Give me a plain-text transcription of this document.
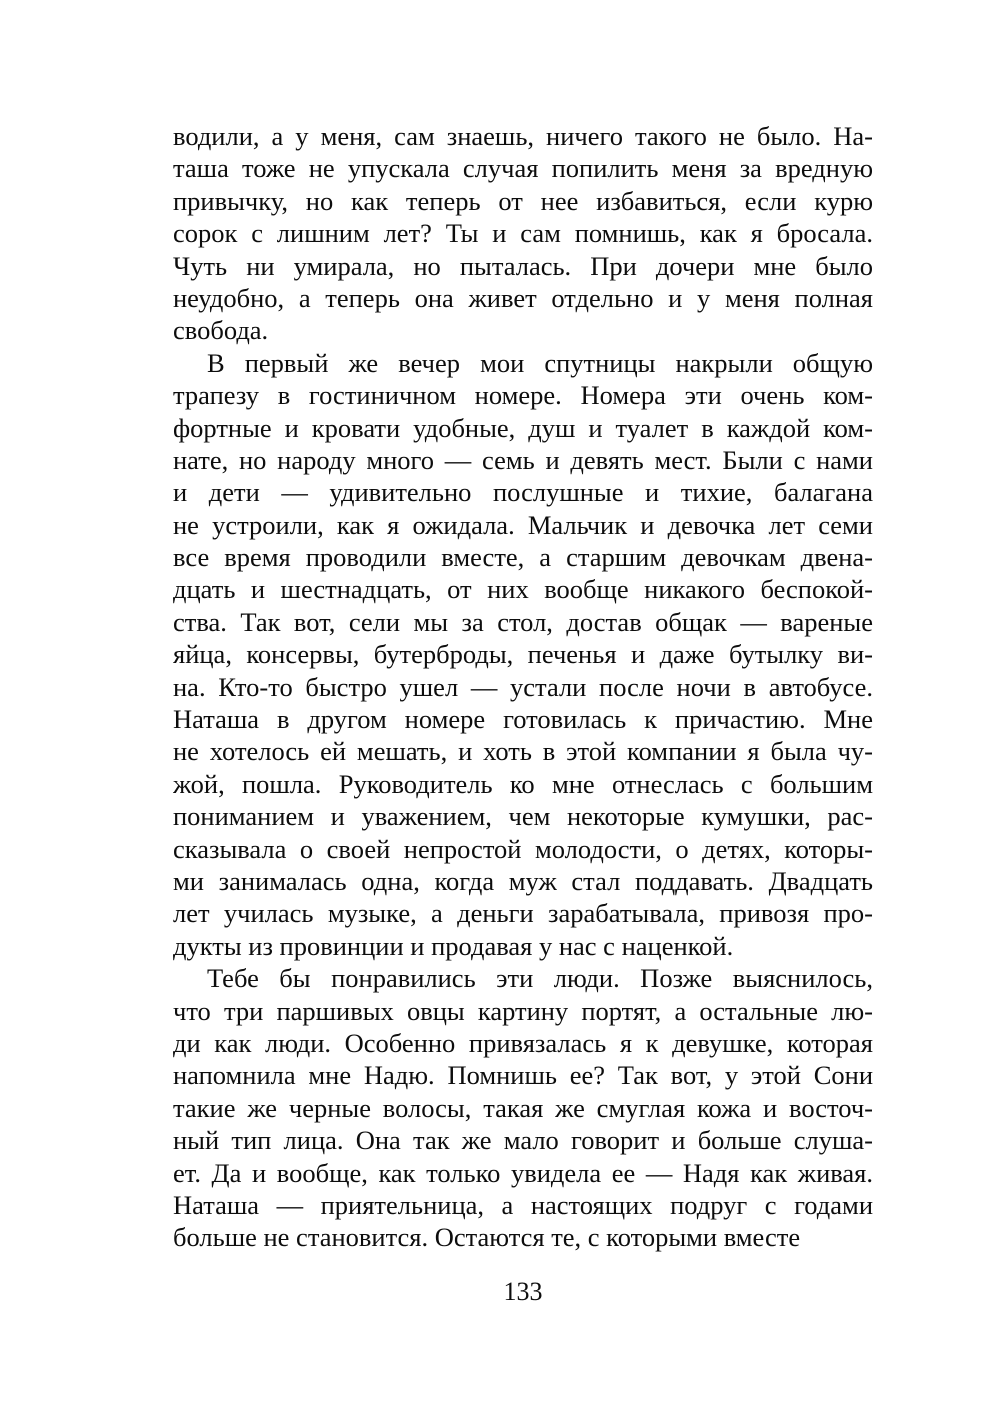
водили, а у меня, сам знаешь, ничего такого не было. На-
таша тоже не упускала случая попилить меня за вредную
привычку, но как теперь от нее избавиться, если курю
сорок с лишним лет? Ты и сам помнишь, как я бросала.
Чуть ни умирала, но пыталась. При дочери мне было
неудобно, а теперь она живет отдельно и у меня полная
свобода.
В первый же вечер мои спутницы накрыли общую
трапезу в гостиничном номере. Номера эти очень ком-
фортные и кровати удобные, душ и туалет в каждой ком-
нате, но народу много — семь и девять мест. Были с нами
и дети — удивительно послушные и тихие, балагана
не устроили, как я ожидала. Мальчик и девочка лет семи
все время проводили вместе, а старшим девочкам двена-
дцать и шестнадцать, от них вообще никакого беспокой-
ства. Так вот, сели мы за стол, достав общак — вареные
яйца, консервы, бутерброды, печенья и даже бутылку ви-
на. Кто-то быстро ушел — устали после ночи в автобусе.
Наташа в другом номере готовилась к причастию. Мне
не хотелось ей мешать, и хоть в этой компании я была чу-
жой, пошла. Руководитель ко мне отнеслась с большим
пониманием и уважением, чем некоторые кумушки, рас-
сказывала о своей непростой молодости, о детях, которы-
ми занималась одна, когда муж стал поддавать. Двадцать
лет училась музыке, а деньги зарабатывала, привозя про-
дукты из провинции и продавая у нас с наценкой.
Тебе бы понравились эти люди. Позже выяснилось,
что три паршивых овцы картину портят, а остальные лю-
ди как люди. Особенно привязалась я к девушке, которая
напомнила мне Надю. Помнишь ее? Так вот, у этой Сони
такие же черные волосы, такая же смуглая кожа и восточ-
ный тип лица. Она так же мало говорит и больше слуша-
ет. Да и вообще, как только увидела ее — Надя как живая.
Наташа — приятельница, а настоящих подруг с годами
больше не становится. Остаются те, с которыми вместе
133
